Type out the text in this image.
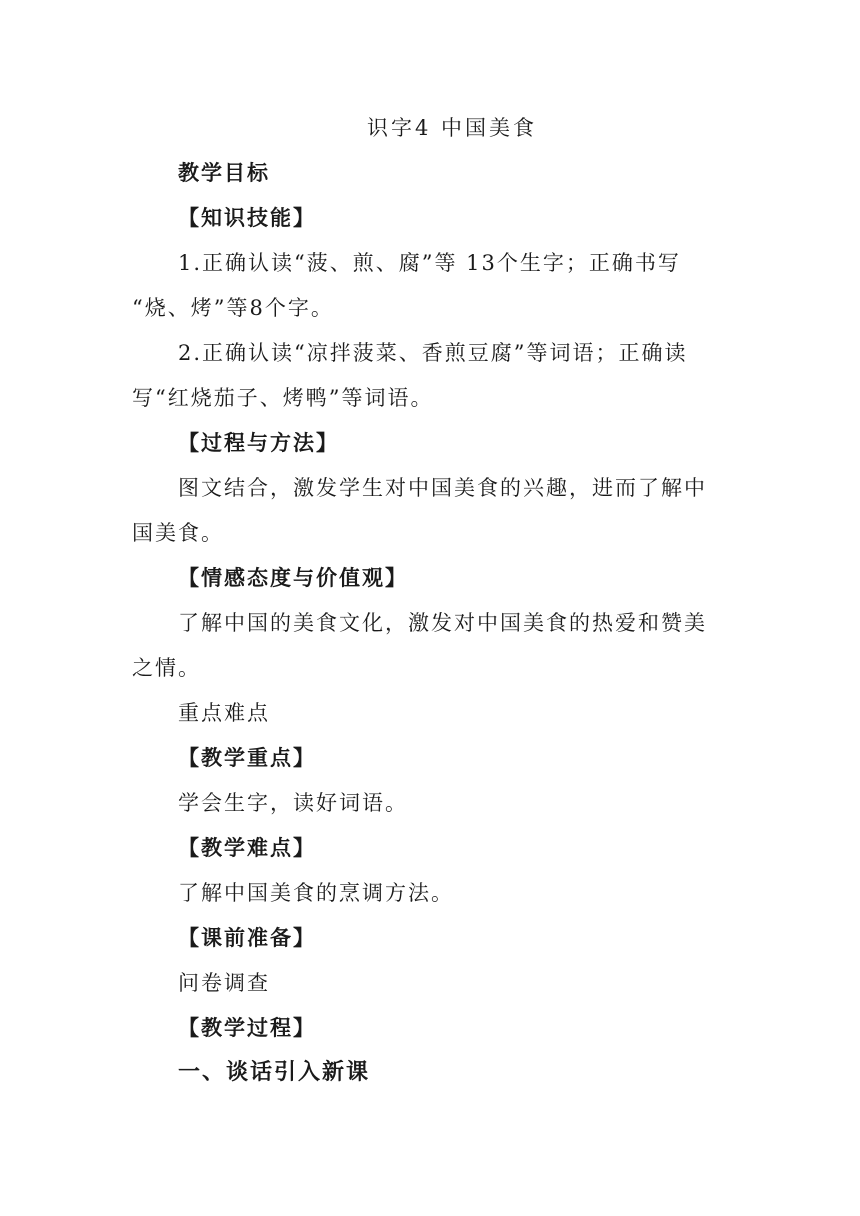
识字4 中国美食
教学目标
【知识技能】
1.正确认读“菠、煎、腐”等 13个生字；正确书写
“烧、烤”等8个字。
2.正确认读“凉拌菠菜、香煎豆腐”等词语；正确读
写“红烧茄子、烤鸭”等词语。
【过程与方法】
图文结合，激发学生对中国美食的兴趣，进而了解中
国美食。
【情感态度与价值观】
了解中国的美食文化，激发对中国美食的热爱和赞美
之情。
重点难点
【教学重点】
学会生字，读好词语。
【教学难点】
了解中国美食的烹调方法。
【课前准备】
问卷调查
【教学过程】
一、谈话引入新课
